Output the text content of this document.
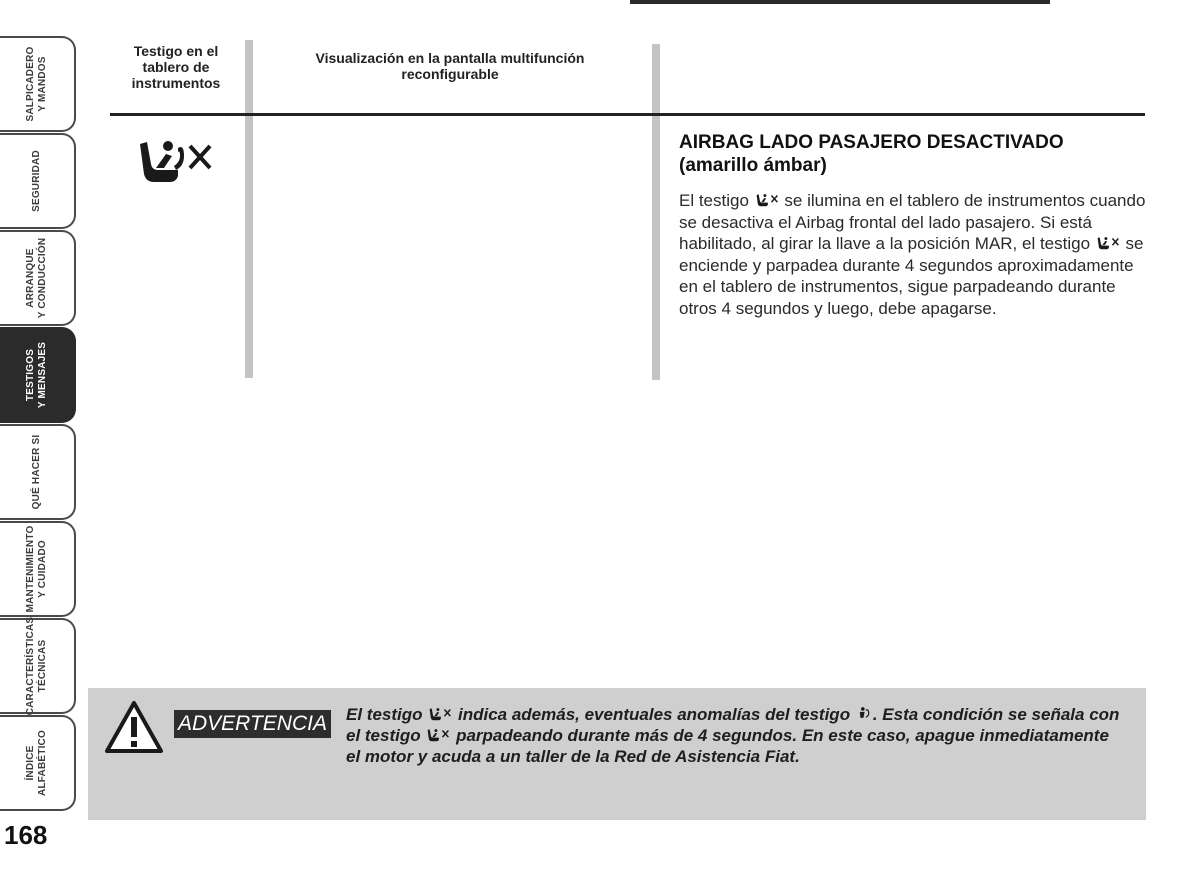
SALPICADERO Y MANDOS
SEGURIDAD
ARRANQUE Y CONDUCCIÓN
TESTIGOS Y MENSAJES
QUÉ HACER SI
MANTENIMIENTO Y CUIDADO
CARACTERÍSTICAS TÉCNICAS
ÍNDICE ALFABÉTICO
168
Testigo en el tablero de instrumentos
Visualización en la pantalla multifunción reconfigurable
AIRBAG LADO PASAJERO DESACTIVADO
(amarillo ámbar)
El testigo se ilumina en el tablero de instrumentos cuando se desactiva el Airbag frontal del lado pasajero. Si está habilitado, al girar la llave a la posición MAR, el testigo se enciende y parpadea durante 4 segundos aproximadamente en el tablero de instrumentos, sigue parpadeando durante otros 4 segundos y luego, debe apagarse.
ADVERTENCIA El testigo indica además, eventuales anomalías del testigo . Esta condición se señala con el testigo parpadeando durante más de 4 segundos. En este caso, apague inmediatamente el motor y acuda a un taller de la Red de Asistencia Fiat.
